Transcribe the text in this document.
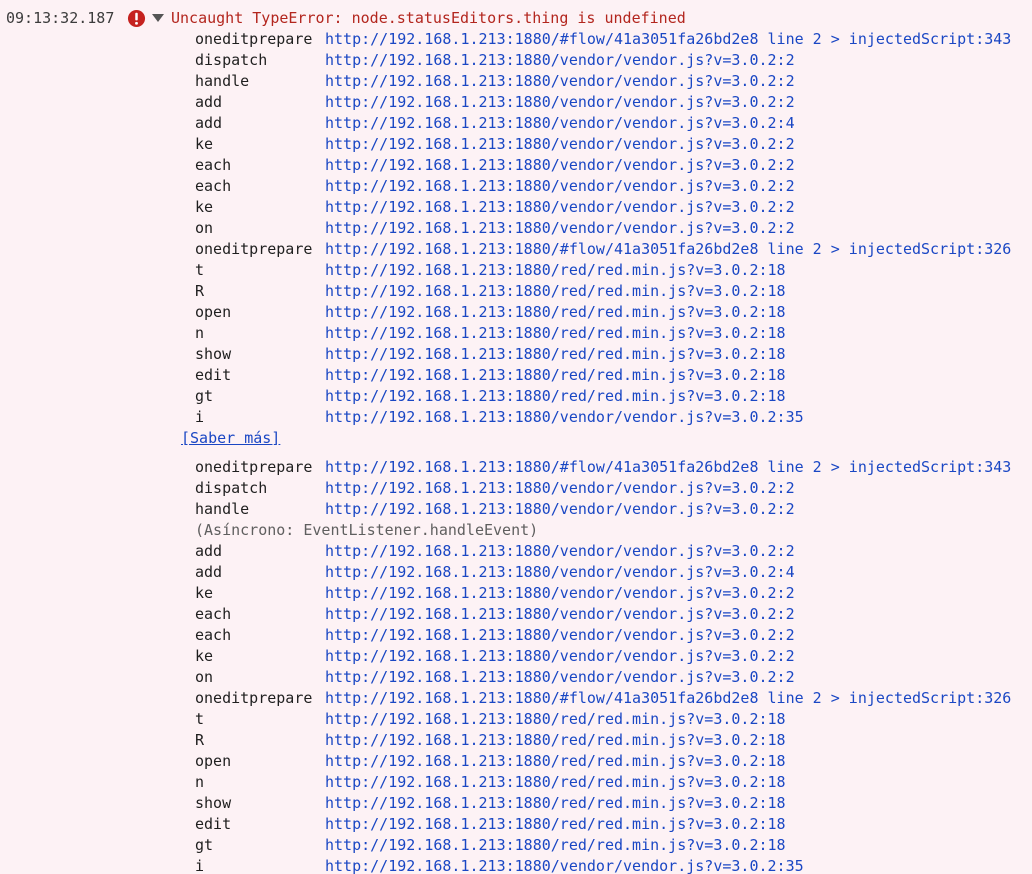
09:13:32.187	Uncaught TypeError: node.statusEditors.thing is undefined
oneditprepare http://192.168.1.213:1880/#flow/41a3051fa26bd2e8 line 2 > injectedScript:343
dispatch	http://192.168.1.213:1880/vendor/vendor.js?v=3.0.2:2
handle	http://192.168.1.213:1880/vendor/vendor.js?v=3.0.2:2
add	http://192.168.1.213:1880/vendor/vendor.js?v=3.0.2:2
add	http://192.168.1.213:1880/vendor/vendor.js?v=3.0.2:4
ke	http://192.168.1.213:1880/vendor/vendor.js?v=3.0.2:2
each	http://192.168.1.213:1880/vendor/vendor.js?v=3.0.2:2
each	http://192.168.1.213:1880/vendor/vendor.js?v=3.0.2:2
ke	http://192.168.1.213:1880/vendor/vendor.js?v=3.0.2:2
on	http://192.168.1.213:1880/vendor/vendor.js?v=3.0.2:2
oneditprepare http://192.168.1.213:1880/#flow/41a3051fa26bd2e8 line 2 > injectedScript:326
t	http://192.168.1.213:1880/red/red.min.js?v=3.0.2:18
R	http://192.168.1.213:1880/red/red.min.js?v=3.0.2:18
open	http://192.168.1.213:1880/red/red.min.js?v=3.0.2:18
n	http://192.168.1.213:1880/red/red.min.js?v=3.0.2:18
show	http://192.168.1.213:1880/red/red.min.js?v=3.0.2:18
edit	http://192.168.1.213:1880/red/red.min.js?v=3.0.2:18
gt	http://192.168.1.213:1880/red/red.min.js?v=3.0.2:18
i	http://192.168.1.213:1880/vendor/vendor.js?v=3.0.2:35
[Saber más]
oneditprepare http://192.168.1.213:1880/#flow/41a3051fa26bd2e8 line 2 > injectedScript:343
dispatch	http://192.168.1.213:1880/vendor/vendor.js?v=3.0.2:2
handle	http://192.168.1.213:1880/vendor/vendor.js?v=3.0.2:2
(Asíncrono: EventListener.handleEvent)
add	http://192.168.1.213:1880/vendor/vendor.js?v=3.0.2:2
add	http://192.168.1.213:1880/vendor/vendor.js?v=3.0.2:4
ke	http://192.168.1.213:1880/vendor/vendor.js?v=3.0.2:2
each	http://192.168.1.213:1880/vendor/vendor.js?v=3.0.2:2
each	http://192.168.1.213:1880/vendor/vendor.js?v=3.0.2:2
ke	http://192.168.1.213:1880/vendor/vendor.js?v=3.0.2:2
on	http://192.168.1.213:1880/vendor/vendor.js?v=3.0.2:2
oneditprepare http://192.168.1.213:1880/#flow/41a3051fa26bd2e8 line 2 > injectedScript:326
t	http://192.168.1.213:1880/red/red.min.js?v=3.0.2:18
R	http://192.168.1.213:1880/red/red.min.js?v=3.0.2:18
open	http://192.168.1.213:1880/red/red.min.js?v=3.0.2:18
n	http://192.168.1.213:1880/red/red.min.js?v=3.0.2:18
show	http://192.168.1.213:1880/red/red.min.js?v=3.0.2:18
edit	http://192.168.1.213:1880/red/red.min.js?v=3.0.2:18
gt	http://192.168.1.213:1880/red/red.min.js?v=3.0.2:18
i	http://192.168.1.213:1880/vendor/vendor.js?v=3.0.2:35
